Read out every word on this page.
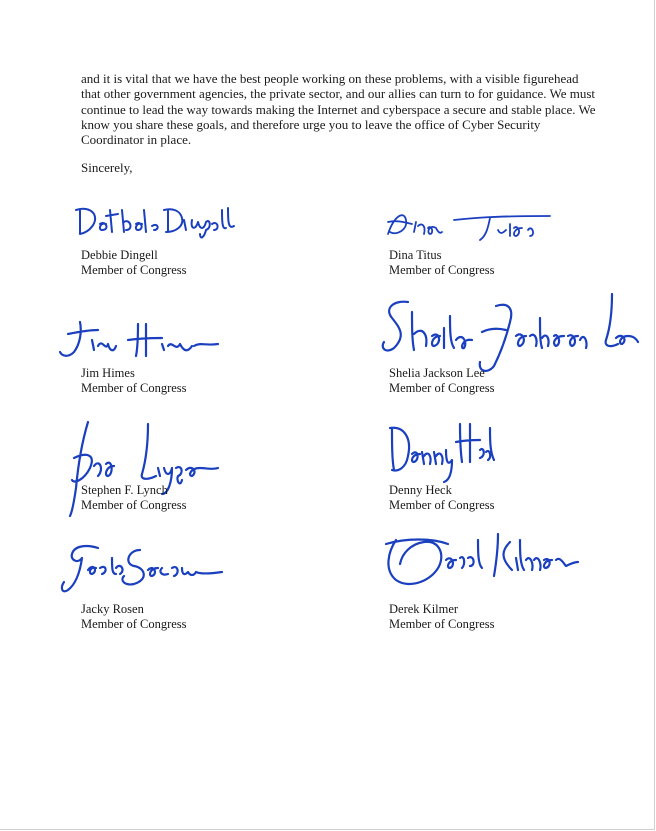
and it is vital that we have the best people working on these problems, with a visible figurehead that other government agencies, the private sector, and our allies can turn to for guidance. We must continue to lead the way towards making the Internet and cyberspace a secure and stable place. We know you share these goals, and therefore urge you to leave the office of Cyber Security Coordinator in place.

Sincerely,

Debbie Dingell
Member of Congress
Dina Titus
Member of Congress
Jim Himes
Member of Congress
Shelia Jackson Lee
Member of Congress
Stephen F. Lynch
Member of Congress
Denny Heck
Member of Congress
Jacky Rosen
Member of Congress
Derek Kilmer
Member of Congress
